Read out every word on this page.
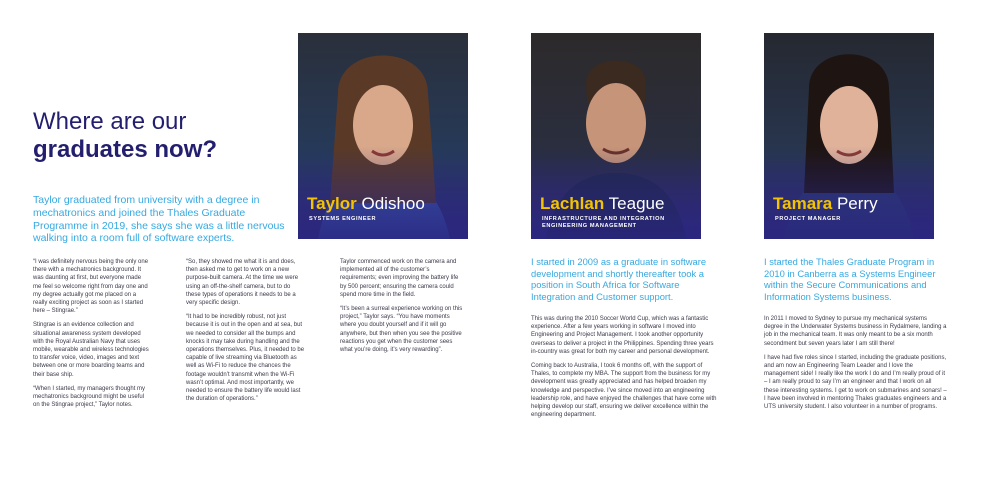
Where are our
graduates now?
Taylor graduated from university with a degree in mechatronics and joined the Thales Graduate Programme in 2019, she says she was a little nervous walking into a room full of software experts.

“I was definitely nervous being the only one there with a mechatronics background. It was daunting at first, but everyone made me feel so welcome right from day one and my degree actually got me placed on a really exciting project as soon as I started here – Stingrae.”

Stingrae is an evidence collection and situational awareness system developed with the Royal Australian Navy that uses mobile, wearable and wireless technologies to transfer voice, video, images and text between one or more boarding teams and their base ship.

“When I started, my managers thought my mechatronics background might be useful on the Stingrae project,” Taylor notes.

“So, they showed me what it is and does, then asked me to get to work on a new purpose-built camera. At the time we were using an off-the-shelf camera, but to do these types of operations it needs to be a very specific design.

“It had to be incredibly robust, not just because it is out in the open and at sea, but we needed to consider all the bumps and knocks it may take during handling and the operations themselves. Plus, it needed to be capable of live streaming via Bluetooth as well as Wi-Fi to reduce the chances the footage wouldn’t transmit when the Wi-Fi wasn’t optimal. And most importantly, we needed to ensure the battery life would last the duration of operations.”

Taylor commenced work on the camera and implemented all of the customer’s requirements; even improving the battery life by 500 percent; ensuring the camera could spend more time in the field.

“It’s been a surreal experience working on this project,” Taylor says. “You have moments where you doubt yourself and if it will go anywhere, but then when you see the positive reactions you get when the customer sees what you’re doing, it’s very rewarding”.

Taylor Odishoo
SYSTEMS ENGINEER
Lachlan Teague
INFRASTRUCTURE AND INTEGRATION ENGINEERING MANAGEMENT
Tamara Perry
PROJECT MANAGER
I started in 2009 as a graduate in software development and shortly thereafter took a position in South Africa for Software Integration and Customer support.

This was during the 2010 Soccer World Cup, which was a fantastic experience. After a few years working in software I moved into Engineering and Project Management. I took another opportunity overseas to deliver a project in the Philippines. Spending three years in-country was great for both my career and personal development.

Coming back to Australia, I took 6 months off, with the support of Thales, to complete my MBA. The support from the business for my development was greatly appreciated and has helped broaden my knowledge and perspective. I’ve since moved into an engineering leadership role, and have enjoyed the challenges that have come with helping develop our staff, ensuring we deliver excellence within the engineering department.

I started the Thales Graduate Program in 2010 in Canberra as a Systems Engineer within the Secure Communications and Information Systems business.

In 2011 I moved to Sydney to pursue my mechanical systems degree in the Underwater Systems business in Rydalmere, landing a job in the mechanical team. It was only meant to be a six month secondment but seven years later I am still there!

I have had five roles since I started, including the graduate positions, and am now an Engineering Team Leader and I love the management side! I really like the work I do and I’m really proud of it – I am really proud to say I’m an engineer and that I work on all these interesting systems. I get to work on submarines and sonars! – I have been involved in mentoring Thales graduates engineers and a UTS university student. I also volunteer in a number of programs.
